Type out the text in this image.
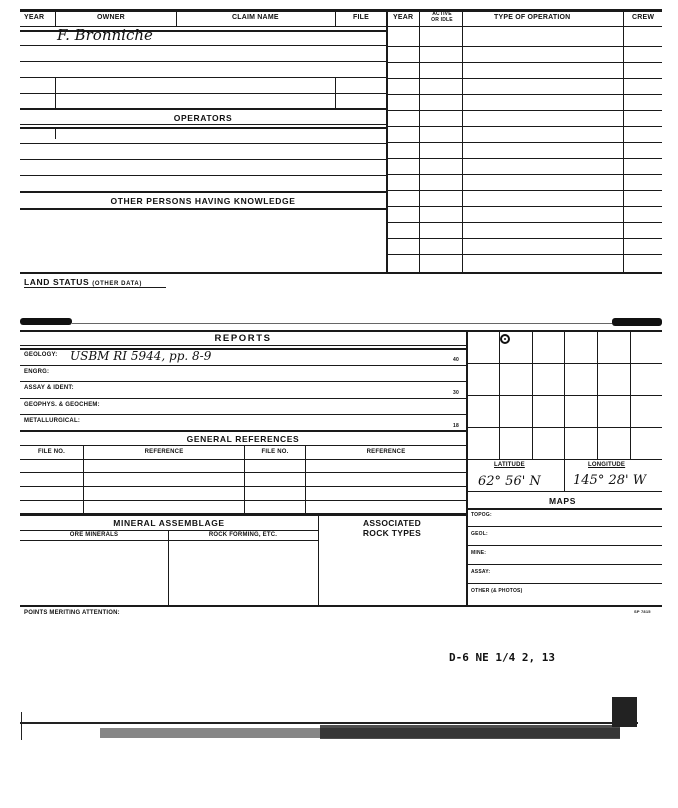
YEAR	OWNER	CLAIM NAME	FILE	YEAR	ACTIVE
OR IDLE	TYPE OF OPERATION	CREW
F. Bronniche
OPERATORS
OTHER PERSONS HAVING KNOWLEDGE
LAND STATUS (OTHER DATA)
REPORTS
GEOLOGY: USBM RI 5944, pp. 8-9	40
ENGRG:
ASSAY & IDENT:
30
GEOPHYS. & GEOCHEM:
METALLURGICAL:
18
GENERAL REFERENCES
FILE NO.	REFERENCE	FILE NO.	REFERENCE
LATITUDE	LONGITUDE
62° 56' N 145° 28' W
MAPS
TOPOG:
GEOL:
MINE:
ASSAY:
OTHER (& PHOTOS)
MINERAL ASSEMBLAGE
ORE MINERALS	ROCK FORMING, ETC.
ASSOCIATED
ROCK TYPES
POINTS MERITING ATTENTION:	SP 7815
D-6 NE 1/4 2, 13
